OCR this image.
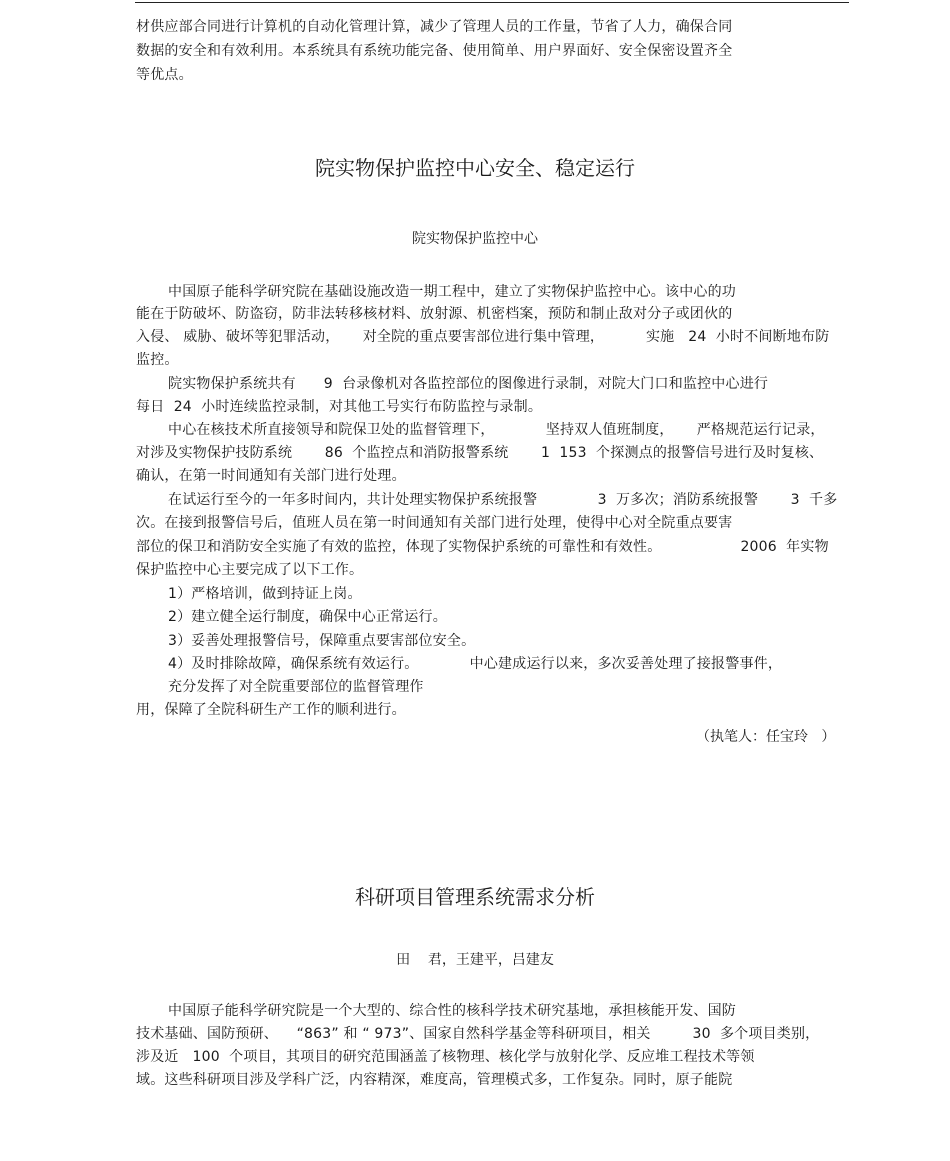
材供应部合同进行计算机的自动化管理计算，减少了管理人员的工作量，节省了人力，确保合同
数据的安全和有效利用。本系统具有系统功能完备、使用简单、用户界面好、安全保密设置齐全
等优点。
院实物保护监控中心安全、稳定运行
院实物保护监控中心
中国原子能科学研究院在基础设施改造一期工程中，建立了实物保护监控中心。该中心的功
能在于防破坏、防盗窃，防非法转移核材料、放射源、机密档案，预防和制止敌对分子或团伙的
入侵、 威胁、破坏等犯罪活动，     对全院的重点要害部位进行集中管理，         实施   24  小时不间断地布防
监控。
院实物保护系统共有      9  台录像机对各监控部位的图像进行录制，对院大门口和监控中心进行
每日  24  小时连续监控录制，对其他工号实行布防监控与录制。
中心在核技术所直接领导和院保卫处的监督管理下，           坚持双人值班制度，     严格规范运行记录，
对涉及实物保护技防系统       86  个监控点和消防报警系统       1  153  个探测点的报警信号进行及时复核、
确认，在第一时间通知有关部门进行处理。
在试运行至今的一年多时间内，共计处理实物保护系统报警             3  万多次；消防系统报警       3  千多
次。在接到报警信号后，值班人员在第一时间通知有关部门进行处理，使得中心对全院重点要害
部位的保卫和消防安全实施了有效的监控，体现了实物保护系统的可靠性和有效性。                 2006  年实物
保护监控中心主要完成了以下工作。
1）严格培训，做到持证上岗。
2）建立健全运行制度，确保中心正常运行。
3）妥善处理报警信号，保障重点要害部位安全。
4）及时排除故障，确保系统有效运行。           中心建成运行以来，多次妥善处理了接报警事件，
充分发挥了对全院重要部位的监督管理作
用，保障了全院科研生产工作的顺利进行。
（执笔人：任宝玲   ）
科研项目管理系统需求分析
田    君，王建平，吕建友
中国原子能科学研究院是一个大型的、综合性的核科学技术研究基地，承担核能开发、国防
技术基础、国防预研、    “863” 和 “ 973”、国家自然科学基金等科研项目，相关         30  多个项目类别，
涉及近   100  个项目，其项目的研究范围涵盖了核物理、核化学与放射化学、反应堆工程技术等领
域。这些科研项目涉及学科广泛，内容精深，难度高，管理模式多，工作复杂。同时，原子能院
